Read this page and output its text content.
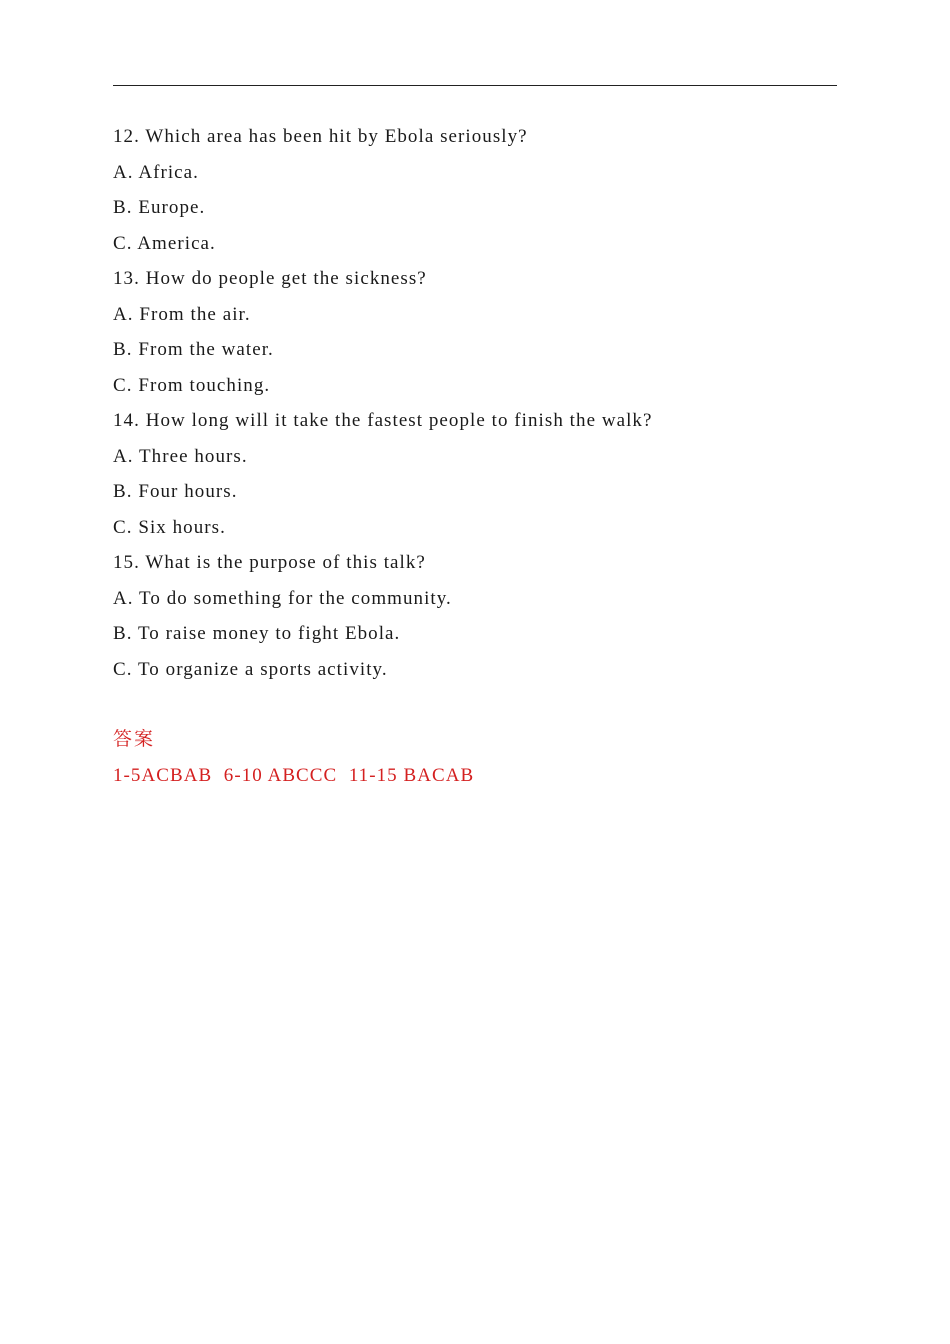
12. Which area has been hit by Ebola seriously?
A. Africa.
B. Europe.
C. America.
13. How do people get the sickness?
A. From the air.
B. From the water.
C. From touching.
14. How long will it take the fastest people to finish the walk?
A. Three hours.
B. Four hours.
C. Six hours.
15. What is the purpose of this talk?
A. To do something for the community.
B. To raise money to fight Ebola.
C. To organize a sports activity.
答案
1-5ACBAB  6-10 ABCCC  11-15 BACAB
